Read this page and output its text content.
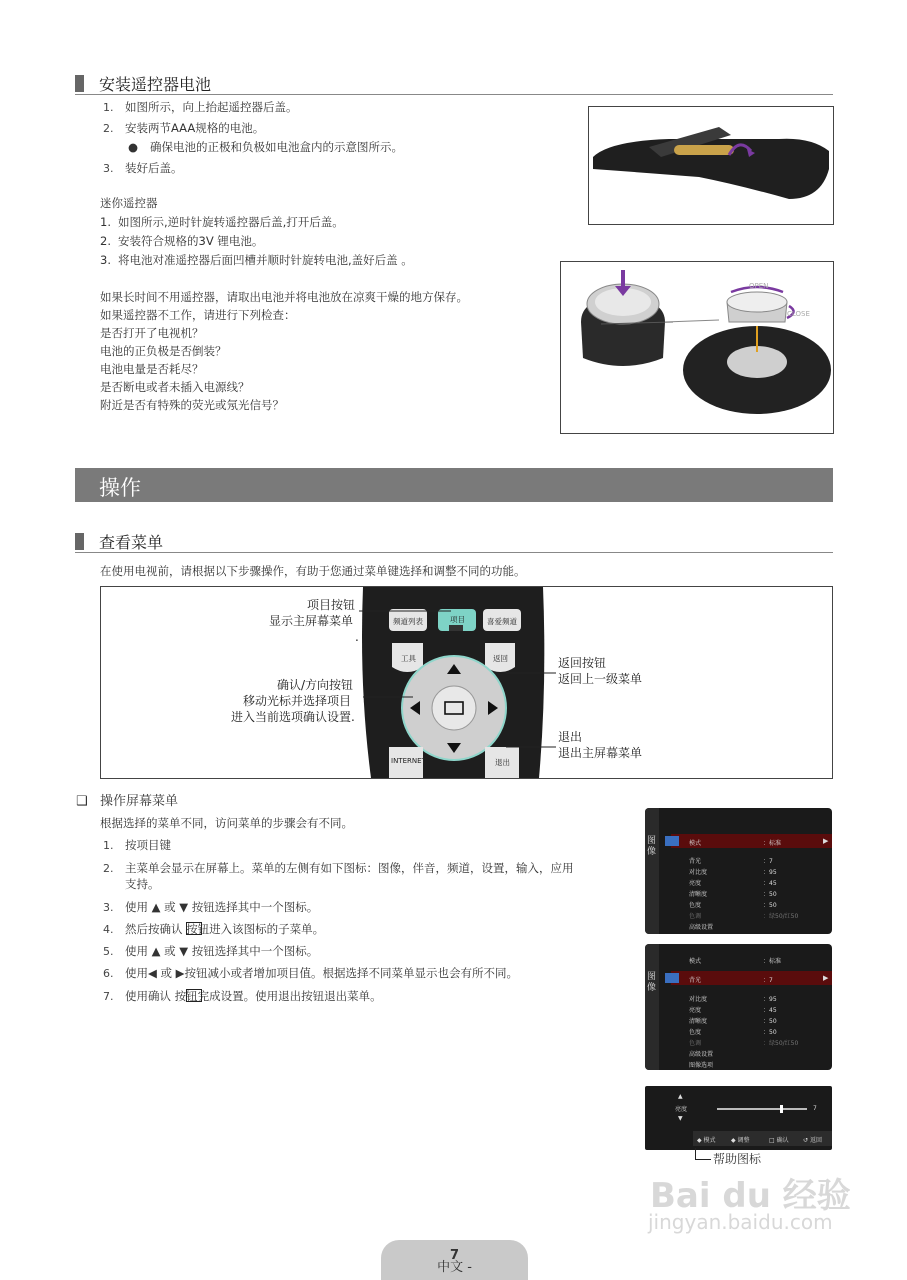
安装遥控器电池
1. 如图所示，向上抬起遥控器后盖。
2. 安装两节AAA规格的电池。
● 确保电池的正极和负极如电池盒内的示意图所示。
3. 装好后盖。
迷你遥控器
1. 如图所示,逆时针旋转遥控器后盖,打开后盖。
2. 安装符合规格的3V 锂电池。
3. 将电池对准遥控器后面凹槽并顺时针旋转电池,盖好后盖 。
如果长时间不用遥控器，请取出电池并将电池放在凉爽干燥的地方保存。
如果遥控器不工作，请进行下列检查：
是否打开了电视机？
电池的正负极是否倒装？
电池电量是否耗尽？
是否断电或者未插入电源线？
附近是否有特殊的荧光或氖光信号？
OPEN
CLOSE
操作
查看菜单
在使用电视前，请根据以下步骤操作，有助于您通过菜单键选择和调整不同的功能。
频道列表	项目	喜爱频道
工具	返回
INTERNET	退出
项目按钮
显示主屏幕菜单
.
确认/方向按钮
移动光标并选择项目
进入当前选项确认设置.
返回按钮
返回上一级菜单
退出
退出主屏幕菜单
❑ 操作屏幕菜单
根据选择的菜单不同，访问菜单的步骤会有不同。
1. 按项目键
2. 主菜单会显示在屏幕上。菜单的左侧有如下图标：图像，伴音，频道，设置，输入，应用
支持。
3. 使用 ▲ 或 ▼ 按钮选择其中一个图标。
4. 然后按确认 按钮进入该图标的子菜单。
5. 使用 ▲ 或 ▼ 按钮选择其中一个图标。
6. 使用◀ 或 ▶按钮减小或者增加项目值。根据选择不同菜单显示也会有所不同。
7. 使用确认 按钮完成设置。使用退出按钮退出菜单。
图像
模式	：标准	▶
背光	：7
对比度	：95
亮度	：45
清晰度	：50
色度	：50
色调	：绿50/红50
高级设置
图像
模式	：标准
背光	：7	▶
对比度	：95
亮度	：45
清晰度	：50
色度	：50
色调	：绿50/红50
高级设置
图像选项
▲
亮度
▼
7
◆ 模式	◆ 调整	□ 确认 ↺ 返回
帮助图标
Bai du 经验
jingyan.baidu.com
中文 -
7
